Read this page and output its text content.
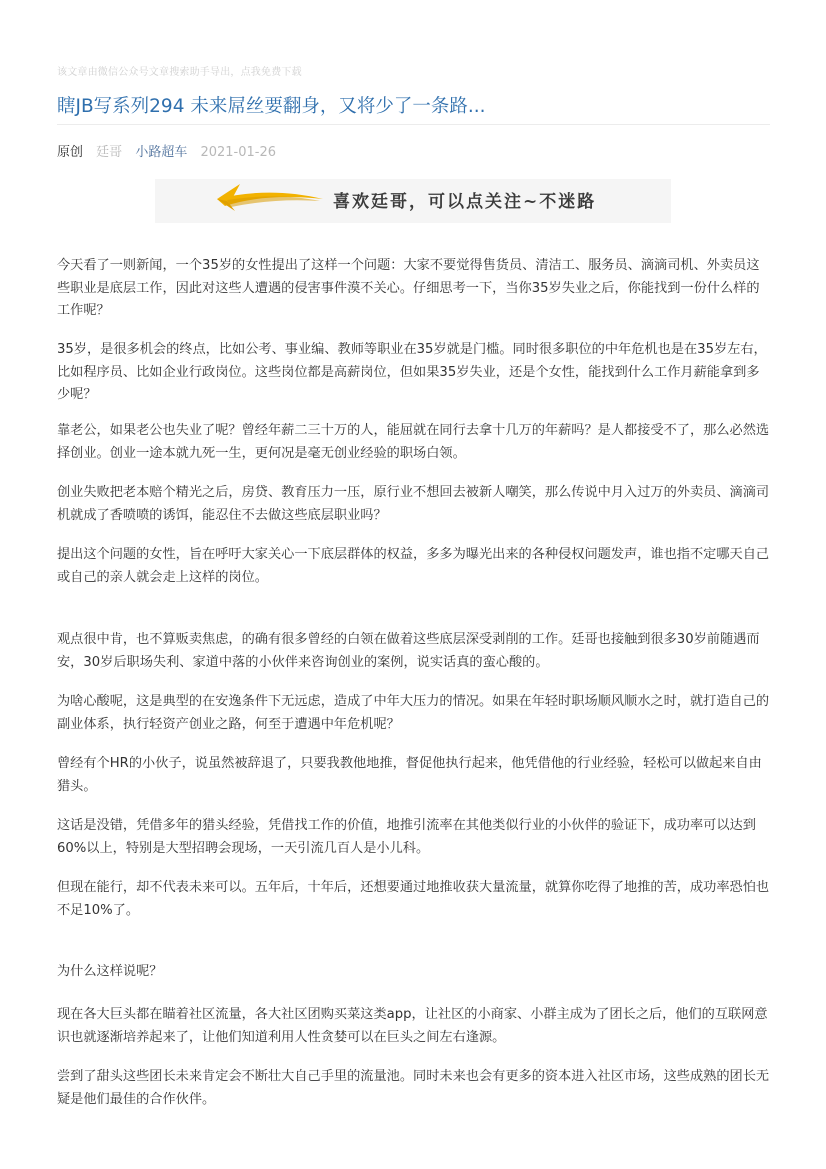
该文章由微信公众号文章搜索助手导出，点我免费下载
瞎JB写系列294 未来屌丝要翻身，又将少了一条路...
原创 廷哥 小路超车 2021-01-26
喜欢廷哥，可以点关注~不迷路

今天看了一则新闻，一个35岁的女性提出了这样一个问题：大家不要觉得售货员、清洁工、服务员、滴滴司机、外卖员这些职业是底层工作，因此对这些人遭遇的侵害事件漠不关心。仔细思考一下，当你35岁失业之后，你能找到一份什么样的工作呢？

35岁，是很多机会的终点，比如公考、事业编、教师等职业在35岁就是门槛。同时很多职位的中年危机也是在35岁左右，比如程序员、比如企业行政岗位。这些岗位都是高薪岗位，但如果35岁失业，还是个女性，能找到什么工作月薪能拿到多少呢？

靠老公，如果老公也失业了呢？曾经年薪二三十万的人，能屈就在同行去拿十几万的年薪吗？是人都接受不了，那么必然选择创业。创业一途本就九死一生，更何况是毫无创业经验的职场白领。

创业失败把老本赔个精光之后，房贷、教育压力一压，原行业不想回去被新人嘲笑，那么传说中月入过万的外卖员、滴滴司机就成了香喷喷的诱饵，能忍住不去做这些底层职业吗？

提出这个问题的女性，旨在呼吁大家关心一下底层群体的权益，多多为曝光出来的各种侵权问题发声，谁也指不定哪天自己或自己的亲人就会走上这样的岗位。

观点很中肯，也不算贩卖焦虑，的确有很多曾经的白领在做着这些底层深受剥削的工作。廷哥也接触到很多30岁前随遇而安，30岁后职场失利、家道中落的小伙伴来咨询创业的案例，说实话真的蛮心酸的。

为啥心酸呢，这是典型的在安逸条件下无远虑，造成了中年大压力的情况。如果在年轻时职场顺风顺水之时，就打造自己的副业体系，执行轻资产创业之路，何至于遭遇中年危机呢？

曾经有个HR的小伙子，说虽然被辞退了，只要我教他地推，督促他执行起来，他凭借他的行业经验，轻松可以做起来自由猎头。

这话是没错，凭借多年的猎头经验，凭借找工作的价值，地推引流率在其他类似行业的小伙伴的验证下，成功率可以达到60%以上，特别是大型招聘会现场，一天引流几百人是小儿科。

但现在能行，却不代表未来可以。五年后，十年后，还想要通过地推收获大量流量，就算你吃得了地推的苦，成功率恐怕也不足10%了。

为什么这样说呢？

现在各大巨头都在瞄着社区流量，各大社区团购买菜这类app，让社区的小商家、小群主成为了团长之后，他们的互联网意识也就逐渐培养起来了，让他们知道利用人性贪婪可以在巨头之间左右逢源。

尝到了甜头这些团长未来肯定会不断壮大自己手里的流量池。同时未来也会有更多的资本进入社区市场，这些成熟的团长无疑是他们最佳的合作伙伴。
